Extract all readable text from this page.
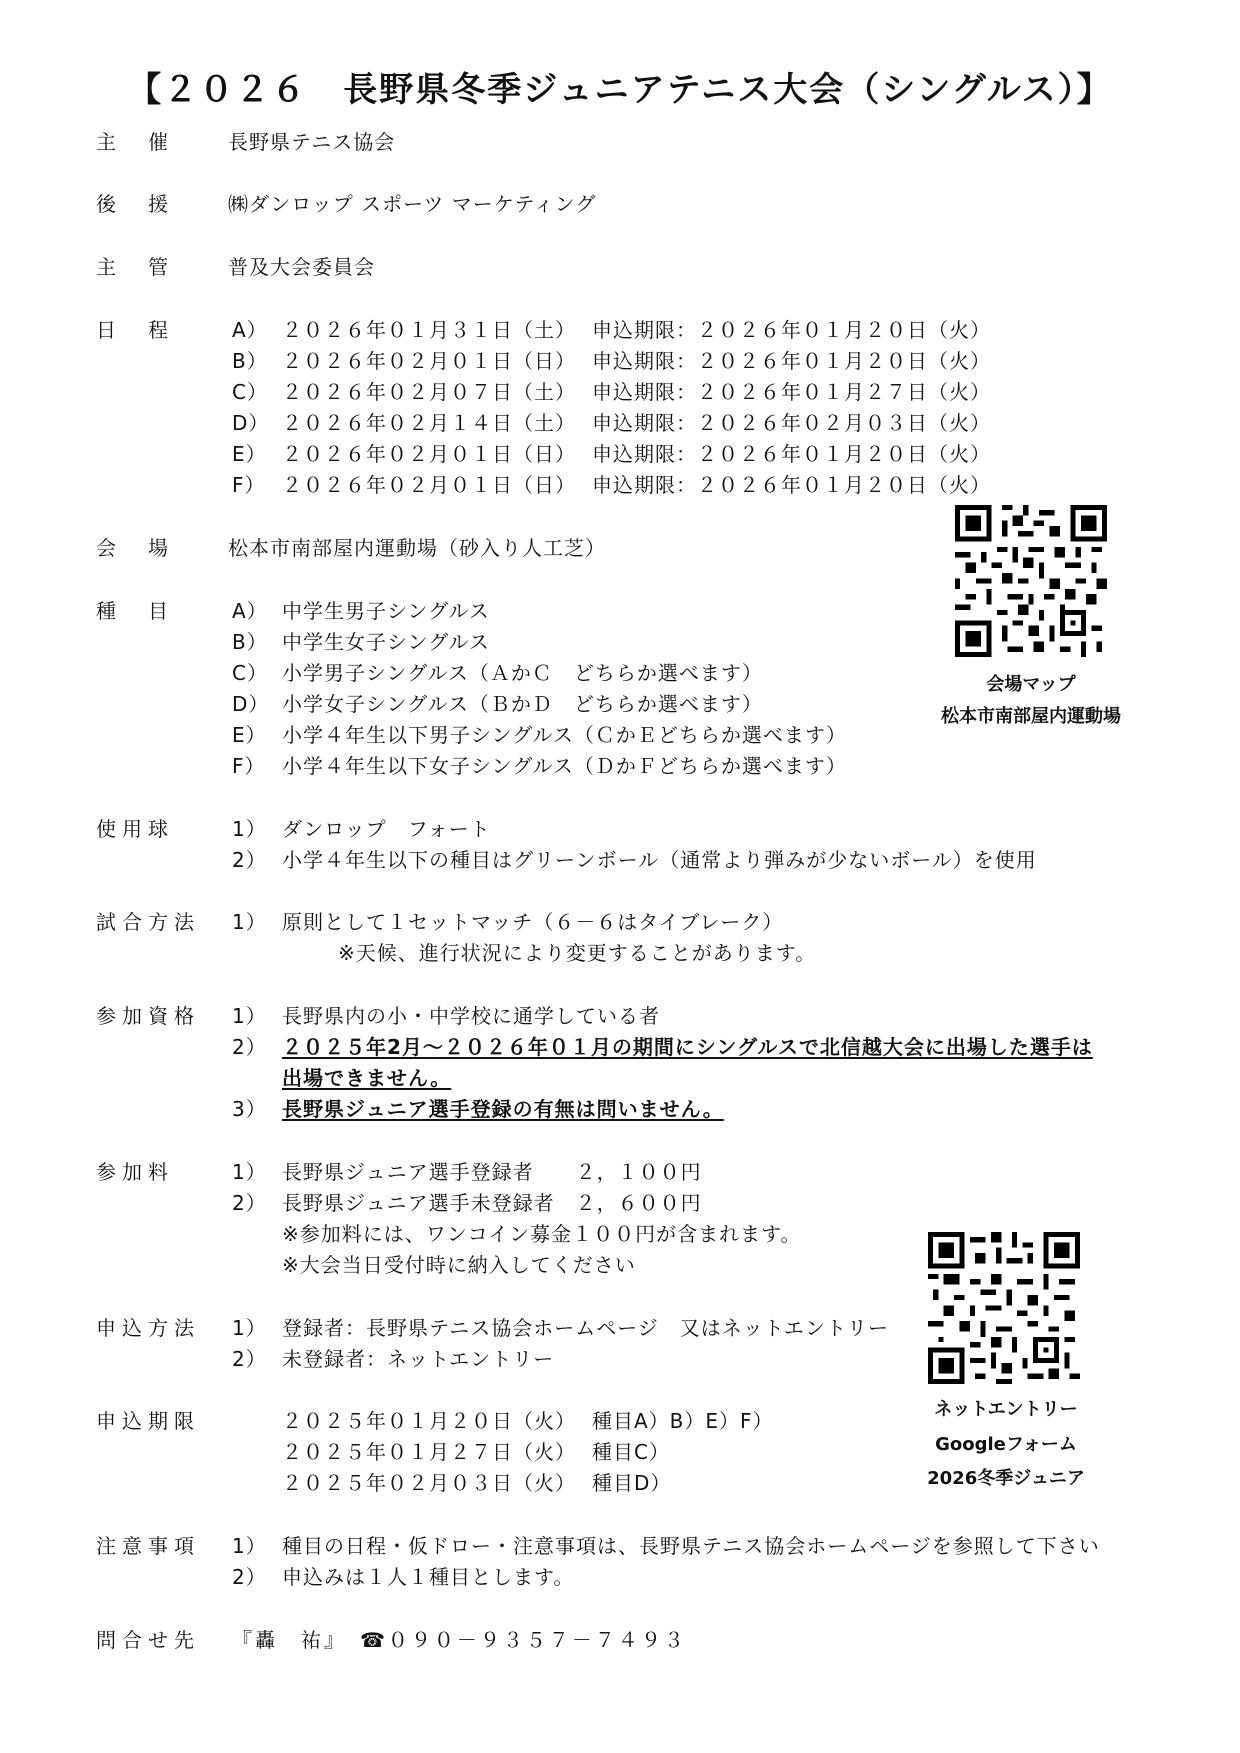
【２０２６　長野県冬季ジュニアテニス大会（シングルス）】
主　催	長野県テニス協会
後　援	㈱ダンロップ スポーツ マーケティング
主　管	普及大会委員会
日　程	A） ２０２６年０１月３１日（土） 申込期限：２０２６年０１月２０日（火）
B） ２０２６年０２月０１日（日） 申込期限：２０２６年０１月２０日（火）
C） ２０２６年０２月０７日（土） 申込期限：２０２６年０１月２７日（火）
D） ２０２６年０２月１４日（土） 申込期限：２０２６年０２月０３日（火）
E） ２０２６年０２月０１日（日） 申込期限：２０２６年０１月２０日（火）
F） ２０２６年０２月０１日（日） 申込期限：２０２６年０１月２０日（火）
会　場	松本市南部屋内運動場（砂入り人工芝）
種　目	A） 中学生男子シングルス
B） 中学生女子シングルス
C） 小学男子シングルス（ＡかＣ　どちらか選べます）
D） 小学女子シングルス（ＢかＤ　どちらか選べます）
E） 小学４年生以下男子シングルス（ＣかＥどちらか選べます）
F） 小学４年生以下女子シングルス（ＤかＦどちらか選べます）
使用球	1） ダンロップ　フォート
2） 小学４年生以下の種目はグリーンボール（通常より弾みが少ないボール）を使用
試合方法	1） 原則として１セットマッチ（６－６はタイブレーク）
※天候、進行状況により変更することがあります。
参加資格	1） 長野県内の小・中学校に通学している者
2） ２０２５年2月～２０２６年０１月の期間にシングルスで北信越大会に出場した選手は
出場できません。
3） 長野県ジュニア選手登録の有無は問いません。
参加料	1） 長野県ジュニア選手登録者　　２，１００円
2） 長野県ジュニア選手未登録者　２，６００円
※参加料には、ワンコイン募金１００円が含まれます。
※大会当日受付時に納入してください
申込方法	1） 登録者：長野県テニス協会ホームページ　又はネットエントリー
2） 未登録者：ネットエントリー
申込期限	２０２５年０１月２０日（火） 種目A）B）E）F）
２０２５年０１月２７日（火） 種目C）
２０２５年０２月０３日（火） 種目D）
注意事項	1） 種目の日程・仮ドロー・注意事項は、長野県テニス協会ホームページを参照して下さい
2） 申込みは１人１種目とします。
問合せ先	『轟　祐』　☎０９０－９３５７－７４９３
会場マップ
松本市南部屋内運動場
ネットエントリー
Googleフォーム
2026冬季ジュニア
